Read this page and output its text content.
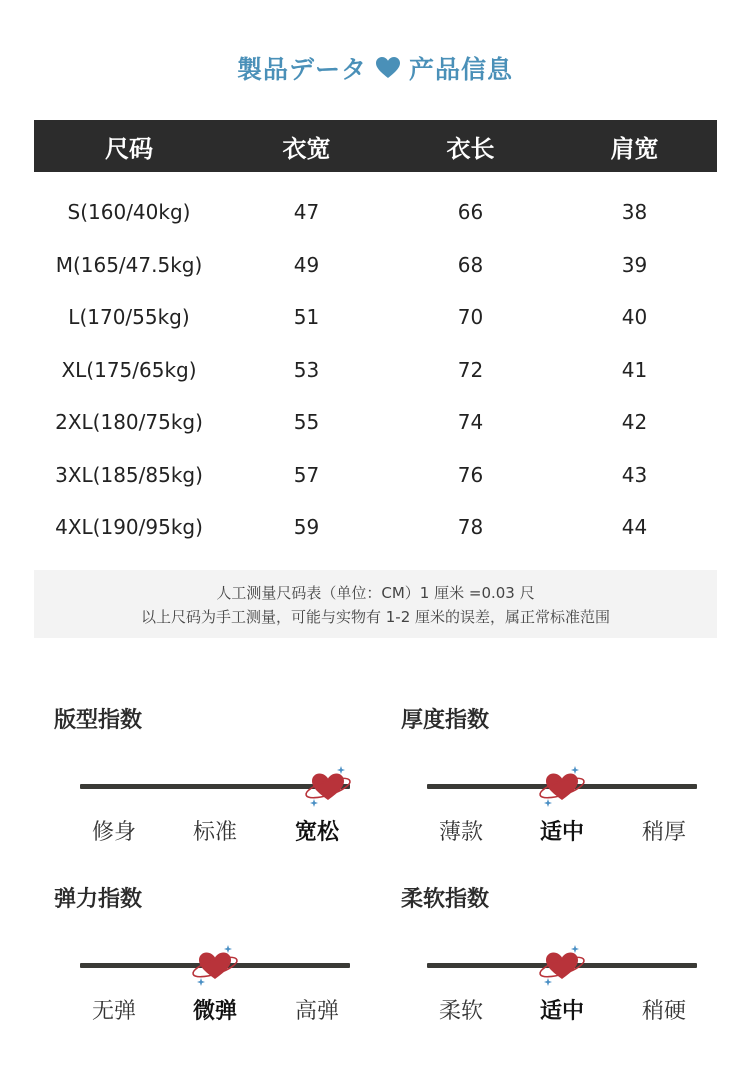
製品データ 产品信息
尺码	衣宽	衣长	肩宽
S(160/40kg)	47	66	38
M(165/47.5kg)	49	68	39
L(170/55kg)	51	70	40
XL(175/65kg)	53	72	41
2XL(180/75kg)	55	74	42
3XL(185/85kg)	57	76	43
4XL(190/95kg)	59	78	44
人工测量尺码表（单位：CM）1 厘米 =0.03 尺
以上尺码为手工测量，可能与实物有 1-2 厘米的误差，属正常标准范围
版型指数
修身	标准	宽松
厚度指数
薄款	适中	稍厚
弹力指数
无弹	微弹	高弹
柔软指数
柔软	适中	稍硬
